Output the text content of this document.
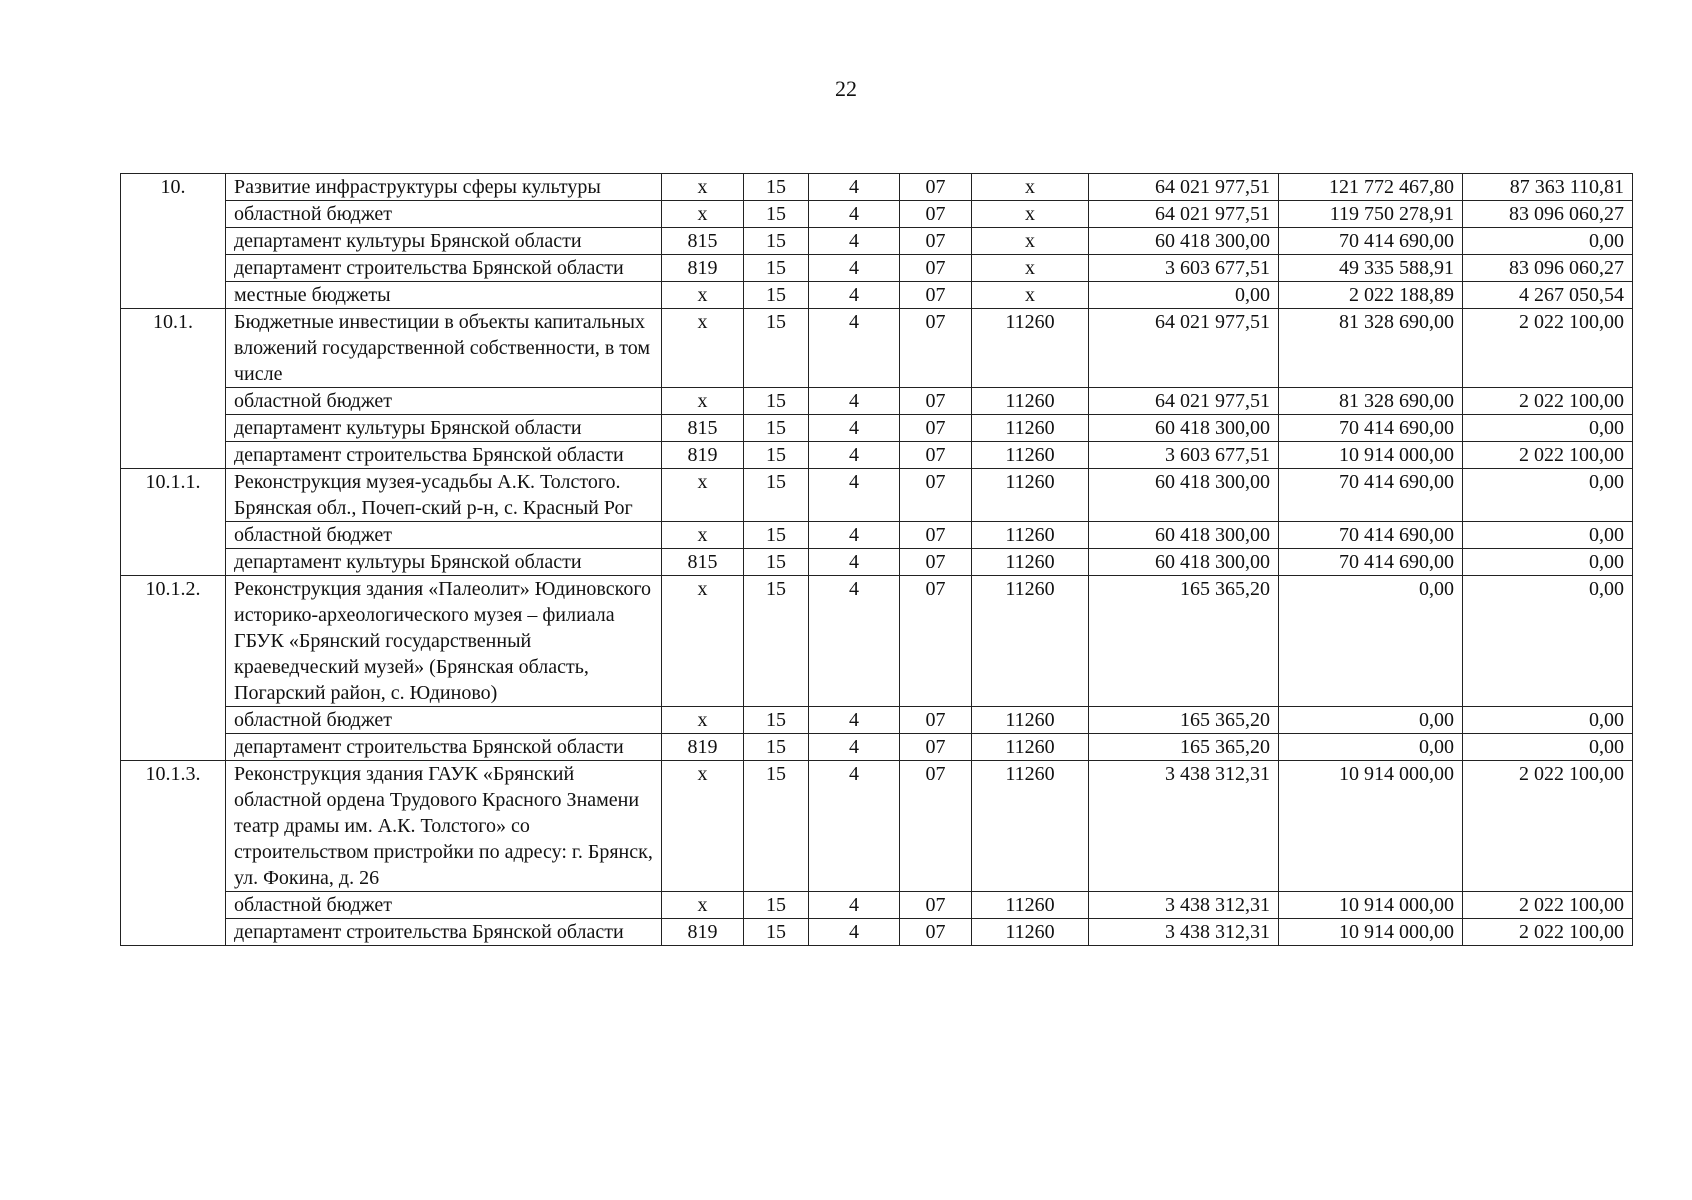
22
10.	Развитие инфраструктуры сферы культуры	x	15	4	07	x	64 021 977,51	121 772 467,80	87 363 110,81
	областной бюджет	x	15	4	07	x	64 021 977,51	119 750 278,91	83 096 060,27
	департамент культуры Брянской области	815	15	4	07	x	60 418 300,00	70 414 690,00	0,00
	департамент строительства Брянской области	819	15	4	07	x	3 603 677,51	49 335 588,91	83 096 060,27
	местные бюджеты	x	15	4	07	x	0,00	2 022 188,89	4 267 050,54
10.1.	Бюджетные инвестиции в объекты капитальных вложений государственной собственности, в том числе	x	15	4	07	11260	64 021 977,51	81 328 690,00	2 022 100,00
	областной бюджет	x	15	4	07	11260	64 021 977,51	81 328 690,00	2 022 100,00
	департамент культуры Брянской области	815	15	4	07	11260	60 418 300,00	70 414 690,00	0,00
	департамент строительства Брянской области	819	15	4	07	11260	3 603 677,51	10 914 000,00	2 022 100,00
10.1.1.	Реконструкция музея-усадьбы А.К. Толстого. Брянская обл., Почеп-ский р-н, с. Красный Рог	x	15	4	07	11260	60 418 300,00	70 414 690,00	0,00
	областной бюджет	x	15	4	07	11260	60 418 300,00	70 414 690,00	0,00
	департамент культуры Брянской области	815	15	4	07	11260	60 418 300,00	70 414 690,00	0,00
10.1.2.	Реконструкция здания «Палеолит» Юдиновского историко-археологического музея – филиала ГБУК «Брянский государственный краеведческий музей» (Брянская область, Погарский район, с. Юдиново)	x	15	4	07	11260	165 365,20	0,00	0,00
	областной бюджет	x	15	4	07	11260	165 365,20	0,00	0,00
	департамент строительства Брянской области	819	15	4	07	11260	165 365,20	0,00	0,00
10.1.3.	Реконструкция здания ГАУК «Брянский областной ордена Трудового Красного Знамени театр драмы им. А.К. Толстого» со строительством пристройки по адресу: г. Брянск, ул. Фокина, д. 26	x	15	4	07	11260	3 438 312,31	10 914 000,00	2 022 100,00
	областной бюджет	x	15	4	07	11260	3 438 312,31	10 914 000,00	2 022 100,00
	департамент строительства Брянской области	819	15	4	07	11260	3 438 312,31	10 914 000,00	2 022 100,00
